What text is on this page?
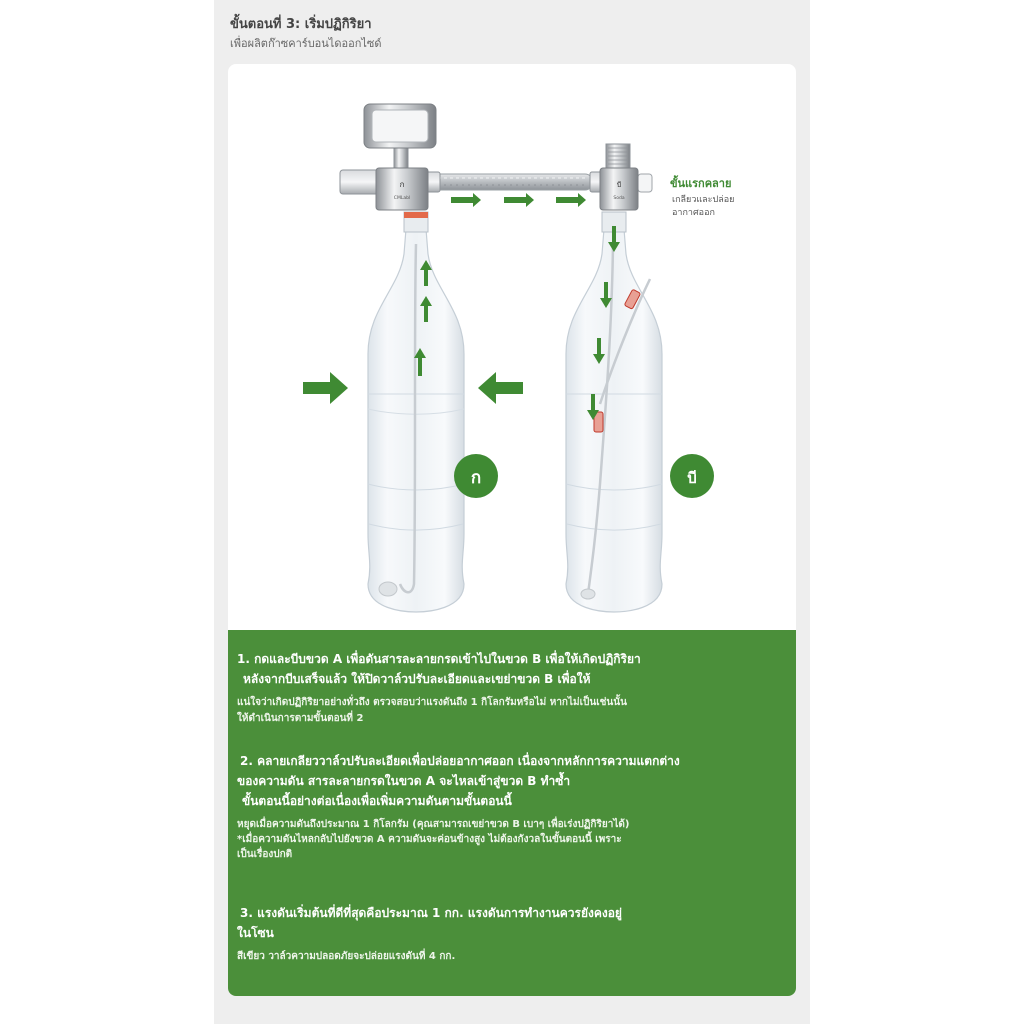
ขั้นตอนที่ 3: เริ่มปฏิกิริยา

เพื่อผลิตก๊าซคาร์บอนไดออกไซด์

ก
CMLabl
บี
Soda
ก	บี
ขั้นแรกคลาย
เกลียวและปล่อย
อากาศออก

1. กดและบีบขวด A เพื่อดันสารละลายกรดเข้าไปในขวด B เพื่อให้เกิดปฏิกิริยา

หลังจากบีบเสร็จแล้ว ให้ปิดวาล์วปรับละเอียดและเขย่าขวด B เพื่อให้

แน่ใจว่าเกิดปฏิกิริยาอย่างทั่วถึง ตรวจสอบว่าแรงดันถึง 1 กิโลกรัมหรือไม่ หากไม่เป็นเช่นนั้น

ให้ดำเนินการตามขั้นตอนที่ 2

2. คลายเกลียววาล์วปรับละเอียดเพื่อปล่อยอากาศออก เนื่องจากหลักการความแตกต่าง

ของความดัน สารละลายกรดในขวด A จะไหลเข้าสู่ขวด B ทำซ้ำ

ขั้นตอนนี้อย่างต่อเนื่องเพื่อเพิ่มความดันตามขั้นตอนนี้

หยุดเมื่อความดันถึงประมาณ 1 กิโลกรัม (คุณสามารถเขย่าขวด B เบาๆ เพื่อเร่งปฏิกิริยาได้)

*เมื่อความดันไหลกลับไปยังขวด A ความดันจะค่อนข้างสูง ไม่ต้องกังวลในขั้นตอนนี้ เพราะ

เป็นเรื่องปกติ

3. แรงดันเริ่มต้นที่ดีที่สุดคือประมาณ 1 กก. แรงดันการทำงานควรยังคงอยู่

ในโซน

สีเขียว วาล์วความปลอดภัยจะปล่อยแรงดันที่ 4 กก.
